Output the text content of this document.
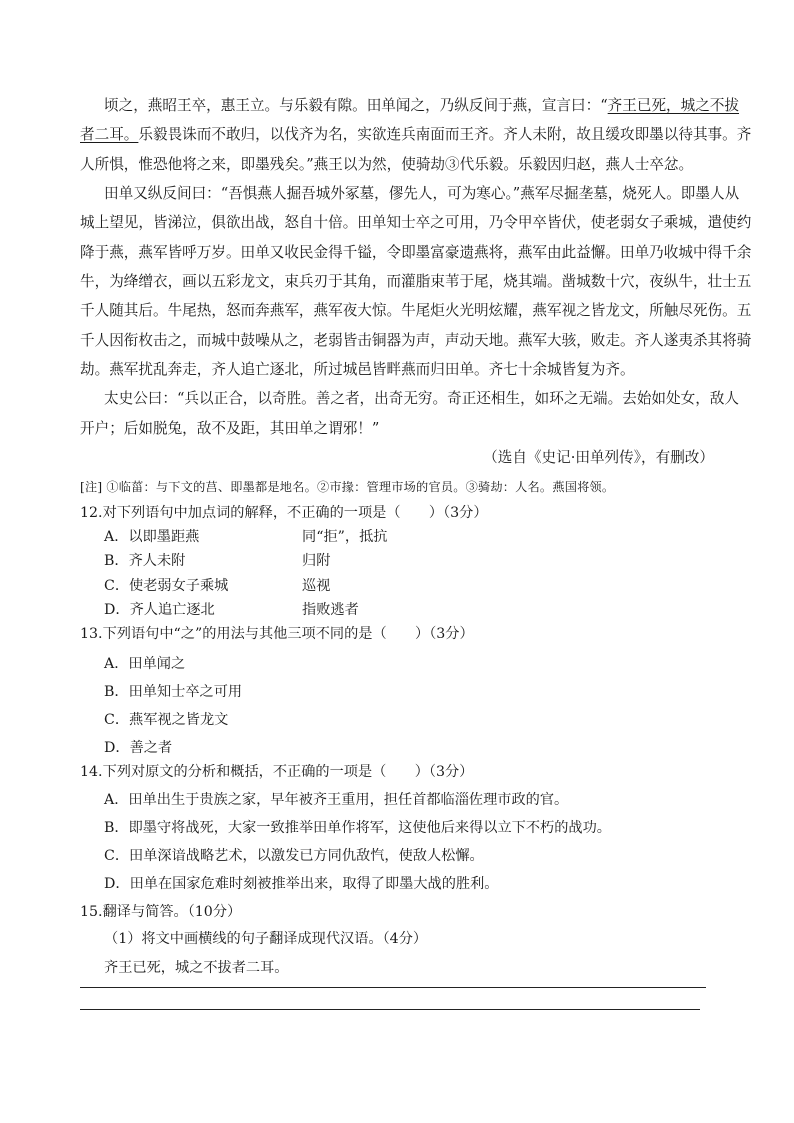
顷之，燕昭王卒，惠王立。与乐毅有隙。田单闻之，乃纵反间于燕，宣言曰：“齐王已死，城之不拔
者二耳。乐毅畏诛而不敢归，以伐齐为名，实欲连兵南面而王齐。齐人未附，故且缓攻即墨以待其事。齐
人所惧，惟恐他将之来，即墨残矣。”燕王以为然，使骑劫③代乐毅。乐毅因归赵，燕人士卒忿。
田单又纵反间曰：“吾惧燕人掘吾城外冢墓，僇先人，可为寒心。”燕军尽掘垄墓，烧死人。即墨人从
城上望见，皆涕泣，俱欲出战，怒自十倍。田单知士卒之可用，乃令甲卒皆伏，使老弱女子乘城，遣使约
降于燕，燕军皆呼万岁。田单又收民金得千镒，令即墨富豪遗燕将，燕军由此益懈。田单乃收城中得千余
牛，为绛缯衣，画以五彩龙文，束兵刃于其角，而灌脂束苇于尾，烧其端。凿城数十穴，夜纵牛，壮士五
千人随其后。牛尾热，怒而奔燕军，燕军夜大惊。牛尾炬火光明炫耀，燕军视之皆龙文，所触尽死伤。五
千人因衔枚击之，而城中鼓噪从之，老弱皆击铜器为声，声动天地。燕军大骇，败走。齐人遂夷杀其将骑
劫。燕军扰乱奔走，齐人追亡逐北，所过城邑皆畔燕而归田单。齐七十余城皆复为齐。
太史公曰：“兵以正合，以奇胜。善之者，出奇无穷。奇正还相生，如环之无端。去始如处女，敌人
开户；后如脱兔，敌不及距，其田单之谓邪！”
（选自《史记·田单列传》，有删改）
[注] ①临菑：与下文的莒、即墨都是地名。②市掾：管理市场的官员。③骑劫：人名。燕国将领。
12.对下列语句中加点词的解释，不正确的一项是（　　）（3分）
A．以即墨距燕	同“拒”，抵抗
B．齐人未附	归附
C．使老弱女子乘城	巡视
D．齐人追亡逐北	指败逃者
13.下列语句中“之”的用法与其他三项不同的是（　　）（3分）
A．田单闻之
B．田单知士卒之可用
C．燕军视之皆龙文
D．善之者
14.下列对原文的分析和概括，不正确的一项是（　　）（3分）
A．田单出生于贵族之家，早年被齐王重用，担任首都临淄佐理市政的官。
B．即墨守将战死，大家一致推举田单作将军，这使他后来得以立下不朽的战功。
C．田单深谙战略艺术，以激发已方同仇敌忾，使敌人松懈。
D．田单在国家危难时刻被推举出来，取得了即墨大战的胜利。
15.翻译与简答。（10分）
（1）将文中画横线的句子翻译成现代汉语。（4分）
齐王已死，城之不拔者二耳。
